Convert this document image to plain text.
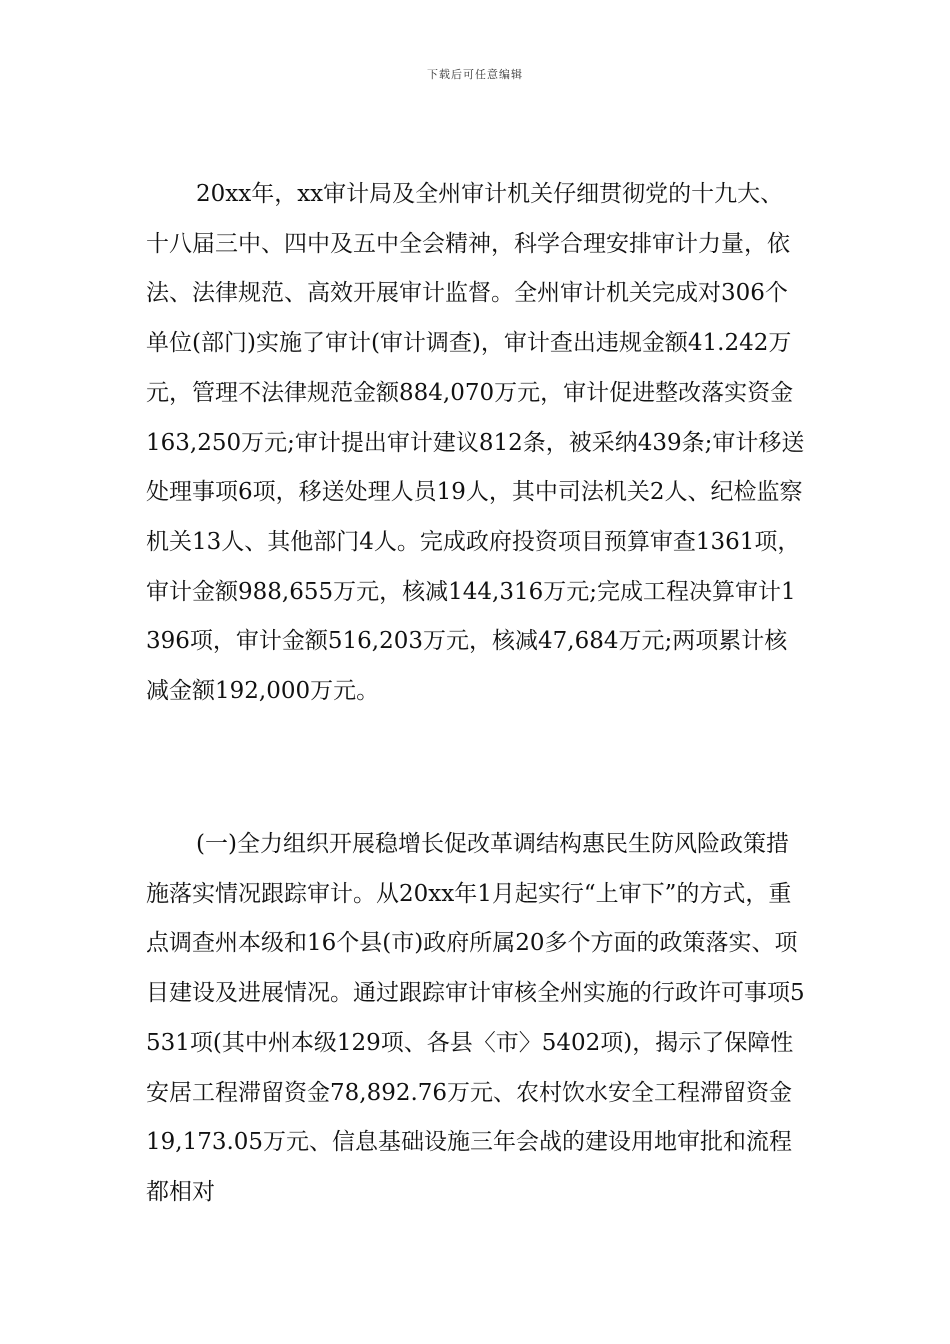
下载后可任意编辑

20xx年，xx审计局及全州审计机关仔细贯彻党的十九大、十八届三中、四中及五中全会精神，科学合理安排审计力量，依法、法律规范、高效开展审计监督。全州审计机关完成对306个单位(部门)实施了审计(审计调查)，审计查出违规金额41.242万元，管理不法律规范金额884,070万元，审计促进整改落实资金163,250万元;审计提出审计建议812条，被采纳439条;审计移送处理事项6项，移送处理人员19人，其中司法机关2人、纪检监察机关13人、其他部门4人。完成政府投资项目预算审查1361项，审计金额988,655万元，核减144,316万元;完成工程决算审计1396项，审计金额516,203万元，核减47,684万元;两项累计核减金额192,000万元。

(一)全力组织开展稳增长促改革调结构惠民生防风险政策措施落实情况跟踪审计。从20xx年1月起实行“上审下”的方式，重点调查州本级和16个县(市)政府所属20多个方面的政策落实、项目建设及进展情况。通过跟踪审计审核全州实施的行政许可事项5531项(其中州本级129项、各县〈市〉5402项)，揭示了保障性安居工程滞留资金78,892.76万元、农村饮水安全工程滞留资金19,173.05万元、信息基础设施三年会战的建设用地审批和流程都相对
